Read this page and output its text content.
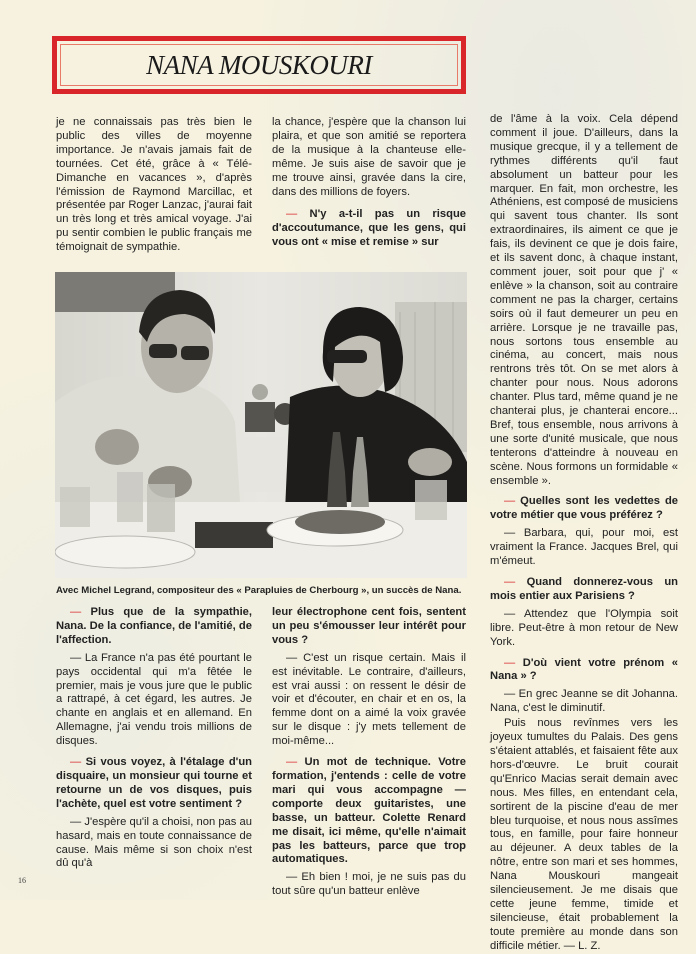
NANA MOUSKOURI

je ne connaissais pas très bien le public des villes de moyenne importance. Je n'avais jamais fait de tournées. Cet été, grâce à « Télé-Dimanche en vacances », d'après l'émission de Raymond Marcillac, et présentée par Roger Lanzac, j'aurai fait un très long et très amical voyage. J'ai pu sentir combien le public français me témoignait de sympathie.

la chance, j'espère que la chanson lui plaira, et que son amitié se reportera de la musique à la chanteuse elle-même. Je suis aise de savoir que je me trouve ainsi, gravée dans la cire, dans des millions de foyers.

— N'y a-t-il pas un risque d'accoutumance, que les gens, qui vous ont « mise et remise » sur

Avec Michel Legrand, compositeur des « Parapluies de Cherbourg », un succès de Nana.

— Plus que de la sympathie, Nana. De la confiance, de l'amitié, de l'affection.

— La France n'a pas été pourtant le pays occidental qui m'a fêtée le premier, mais je vous jure que le public a rattrapé, à cet égard, les autres. Je chante en anglais et en allemand. En Allemagne, j'ai vendu trois millions de disques.

— Si vous voyez, à l'étalage d'un disquaire, un monsieur qui tourne et retourne un de vos disques, puis l'achète, quel est votre sentiment ?

— J'espère qu'il a choisi, non pas au hasard, mais en toute connaissance de cause. Mais même si son choix n'est dû qu'à

leur électrophone cent fois, sentent un peu s'émousser leur intérêt pour vous ?

— C'est un risque certain. Mais il est inévitable. Le contraire, d'ailleurs, est vrai aussi : on ressent le désir de voir et d'écouter, en chair et en os, la femme dont on a aimé la voix gravée sur le disque : j'y mets tellement de moi-même...

— Un mot de technique. Votre formation, j'entends : celle de votre mari qui vous accompagne — comporte deux guitaristes, une basse, un batteur. Colette Renard me disait, ici même, qu'elle n'aimait pas les batteurs, parce que trop automatiques.

— Eh bien ! moi, je ne suis pas du tout sûre qu'un batteur enlève

de l'âme à la voix. Cela dépend comment il joue. D'ailleurs, dans la musique grecque, il y a tellement de rythmes différents qu'il faut absolument un batteur pour les marquer. En fait, mon orchestre, les Athéniens, est composé de musiciens qui savent tous chanter. Ils sont extraordinaires, ils aiment ce que je fais, ils devinent ce que je dois faire, et ils savent donc, à chaque instant, comment jouer, soit pour que j' « enlève » la chanson, soit au contraire comment ne pas la charger, certains soirs où il faut demeurer un peu en arrière. Lorsque je ne travaille pas, nous sortons tous ensemble au cinéma, au concert, mais nous rentrons très tôt. On se met alors à chanter pour nous. Nous adorons chanter. Plus tard, même quand je ne chanterai plus, je chanterai encore... Bref, tous ensemble, nous arrivons à une sorte d'unité musicale, que nous tenterons d'atteindre à nouveau en scène. Nous formons un formidable « ensemble ».

— Quelles sont les vedettes de votre métier que vous préférez ?

— Barbara, qui, pour moi, est vraiment la France. Jacques Brel, qui m'émeut.

— Quand donnerez-vous un mois entier aux Parisiens ?

— Attendez que l'Olympia soit libre. Peut-être à mon retour de New York.

— D'où vient votre prénom « Nana » ?

— En grec Jeanne se dit Johanna. Nana, c'est le diminutif.

Puis nous revînmes vers les joyeux tumultes du Palais. Des gens s'étaient attablés, et faisaient fête aux hors-d'œuvre. Le bruit courait qu'Enrico Macias serait demain avec nous. Mes filles, en entendant cela, sortirent de la piscine d'eau de mer bleu turquoise, et nous nous assîmes tous, en famille, pour faire honneur au déjeuner. A deux tables de la nôtre, entre son mari et ses hommes, Nana Mouskouri mangeait silencieusement. Je me disais que cette jeune femme, timide et silencieuse, était probablement la toute première au monde dans son difficile métier. — L. Z.

16
